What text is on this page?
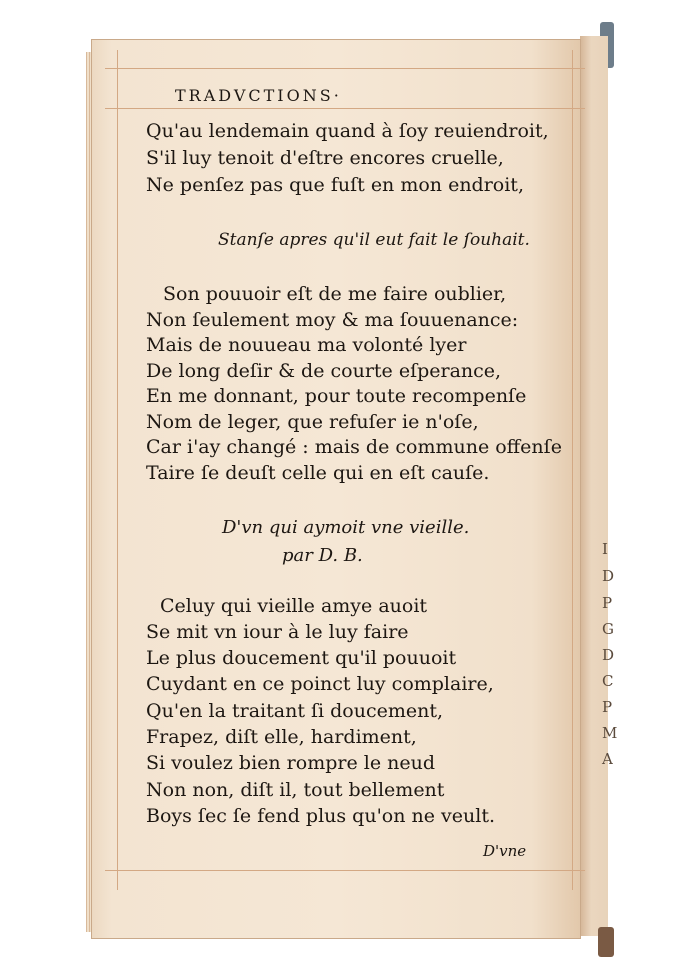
TRADVCTIONS·
Qu'au lendemain quand à ſoy reuiendroit,
S'il luy tenoit d'eſtre encores cruelle,
Ne penſez pas que fuſt en mon endroit,
Stanſe apres qu'il eut fait le ſouhait.
Son pouuoir eſt de me faire oublier,
Non ſeulement moy & ma ſouuenance:
Mais de nouueau ma volonté lyer
De long deſir & de courte eſperance,
En me donnant, pour toute recompenſe
Nom de leger, que refuſer ie n'oſe,
Car i'ay changé : mais de commune offenſe
Taire ſe deuſt celle qui en eſt cauſe.
D'vn qui aymoit vne vieille.
par D. B.
Celuy qui vieille amye auoit
Se mit vn iour à le luy faire
Le plus doucement qu'il pouuoit
Cuydant en ce poinct luy complaire,
Qu'en la traitant ſi doucement,
Frapez, diſt elle, hardiment,
Si voulez bien rompre le neud
Non non, diſt il, tout bellement
Boys ſec ſe fend plus qu'on ne veult.
D'vne
I
D
P
G
D
C
P
M
A
